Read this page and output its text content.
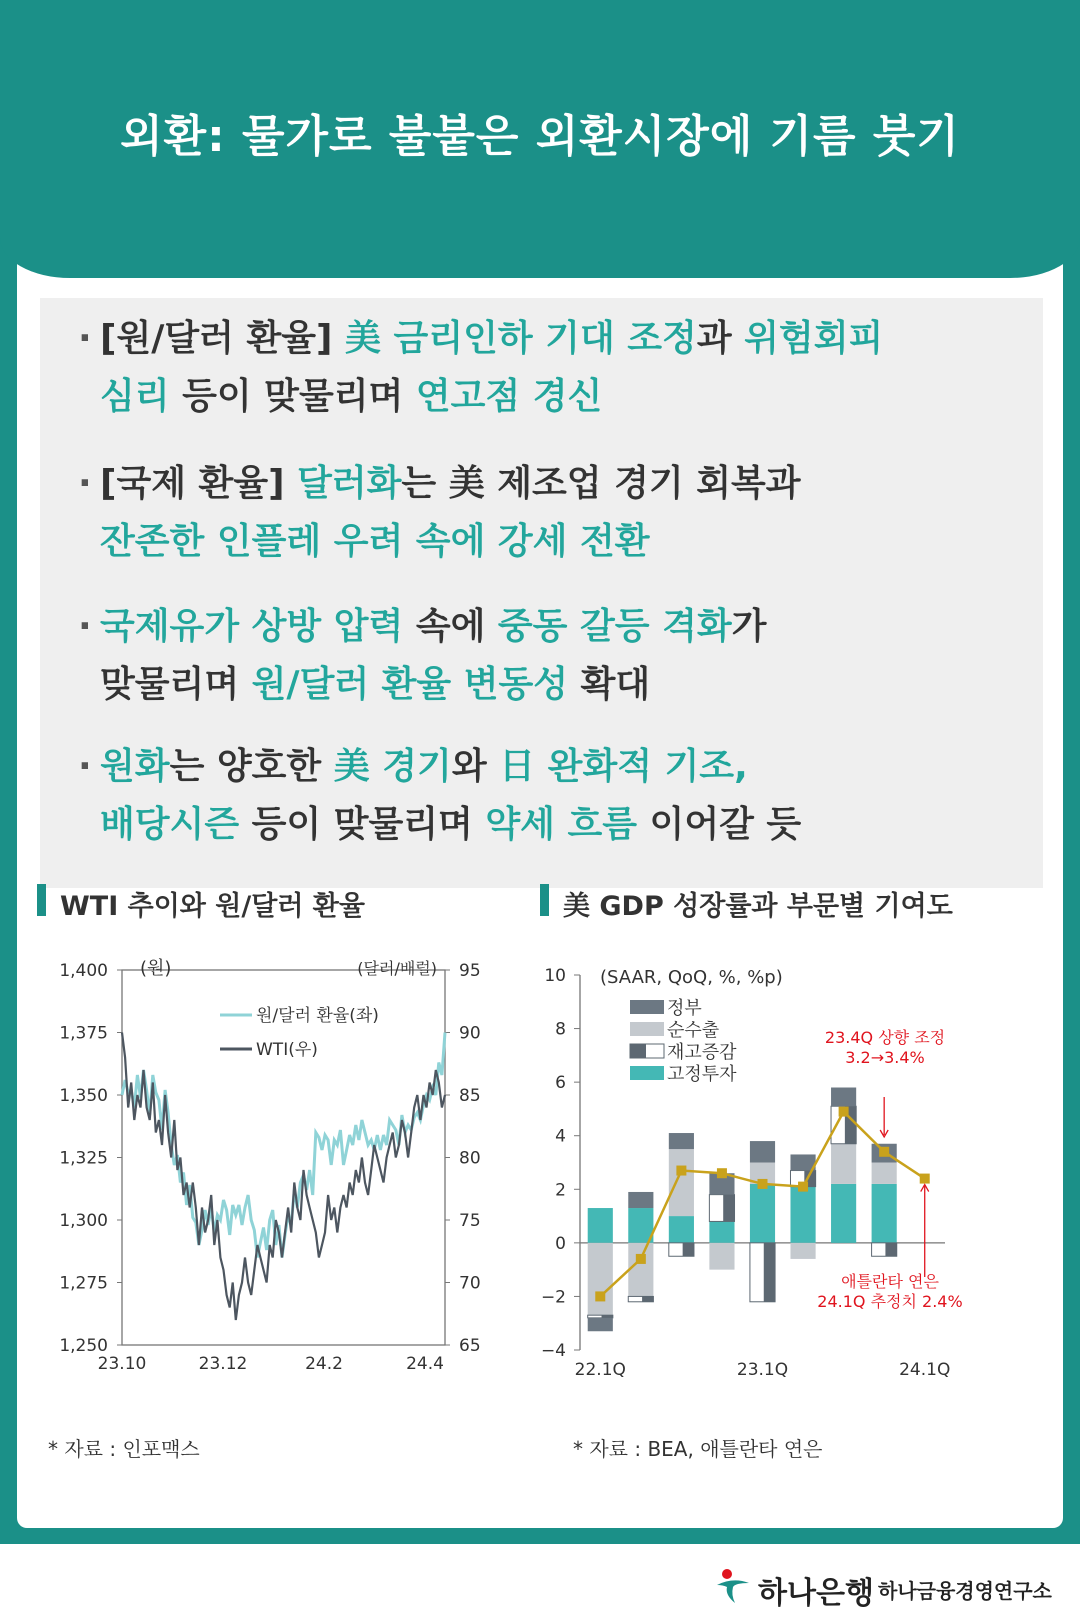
외환: 물가로 불붙은 외환시장에 기름 붓기
· [원/달러 환율] 美 금리인하 기대 조정과 위험회피
심리 등이 맞물리며 연고점 경신
· [국제 환율] 달러화는 美 제조업 경기 회복과
잔존한 인플레 우려 속에 강세 전환
· 국제유가 상방 압력 속에 중동 갈등 격화가
맞물리며 원/달러 환율 변동성 확대
· 원화는 양호한 美 경기와 日 완화적 기조,
배당시즌 등이 맞물리며 약세 흐름 이어갈 듯
WTI 추이와 원/달러 환율
1,400
1,375
1,350
1,325
1,300
1,275
1,250
95
90
85
80
75
70
65
23.10	23.12	24.2	24.4
(원)	(달러/배럴)
원/달러 환율(좌)
WTI(우)
* 자료 : 인포맥스
美 GDP 성장률과 부문별 기여도
10
8
6
4
2
0
−2
−4
(SAAR, QoQ, %, %p)
22.1Q	23.1Q	24.1Q
정부
순수출
재고증감
고정투자
23.4Q 상향 조정
3.2→3.4%
애틀란타 연은
24.1Q 추정치 2.4%
* 자료 : BEA, 애틀란타 연은
하나은행 하나금융경영연구소
